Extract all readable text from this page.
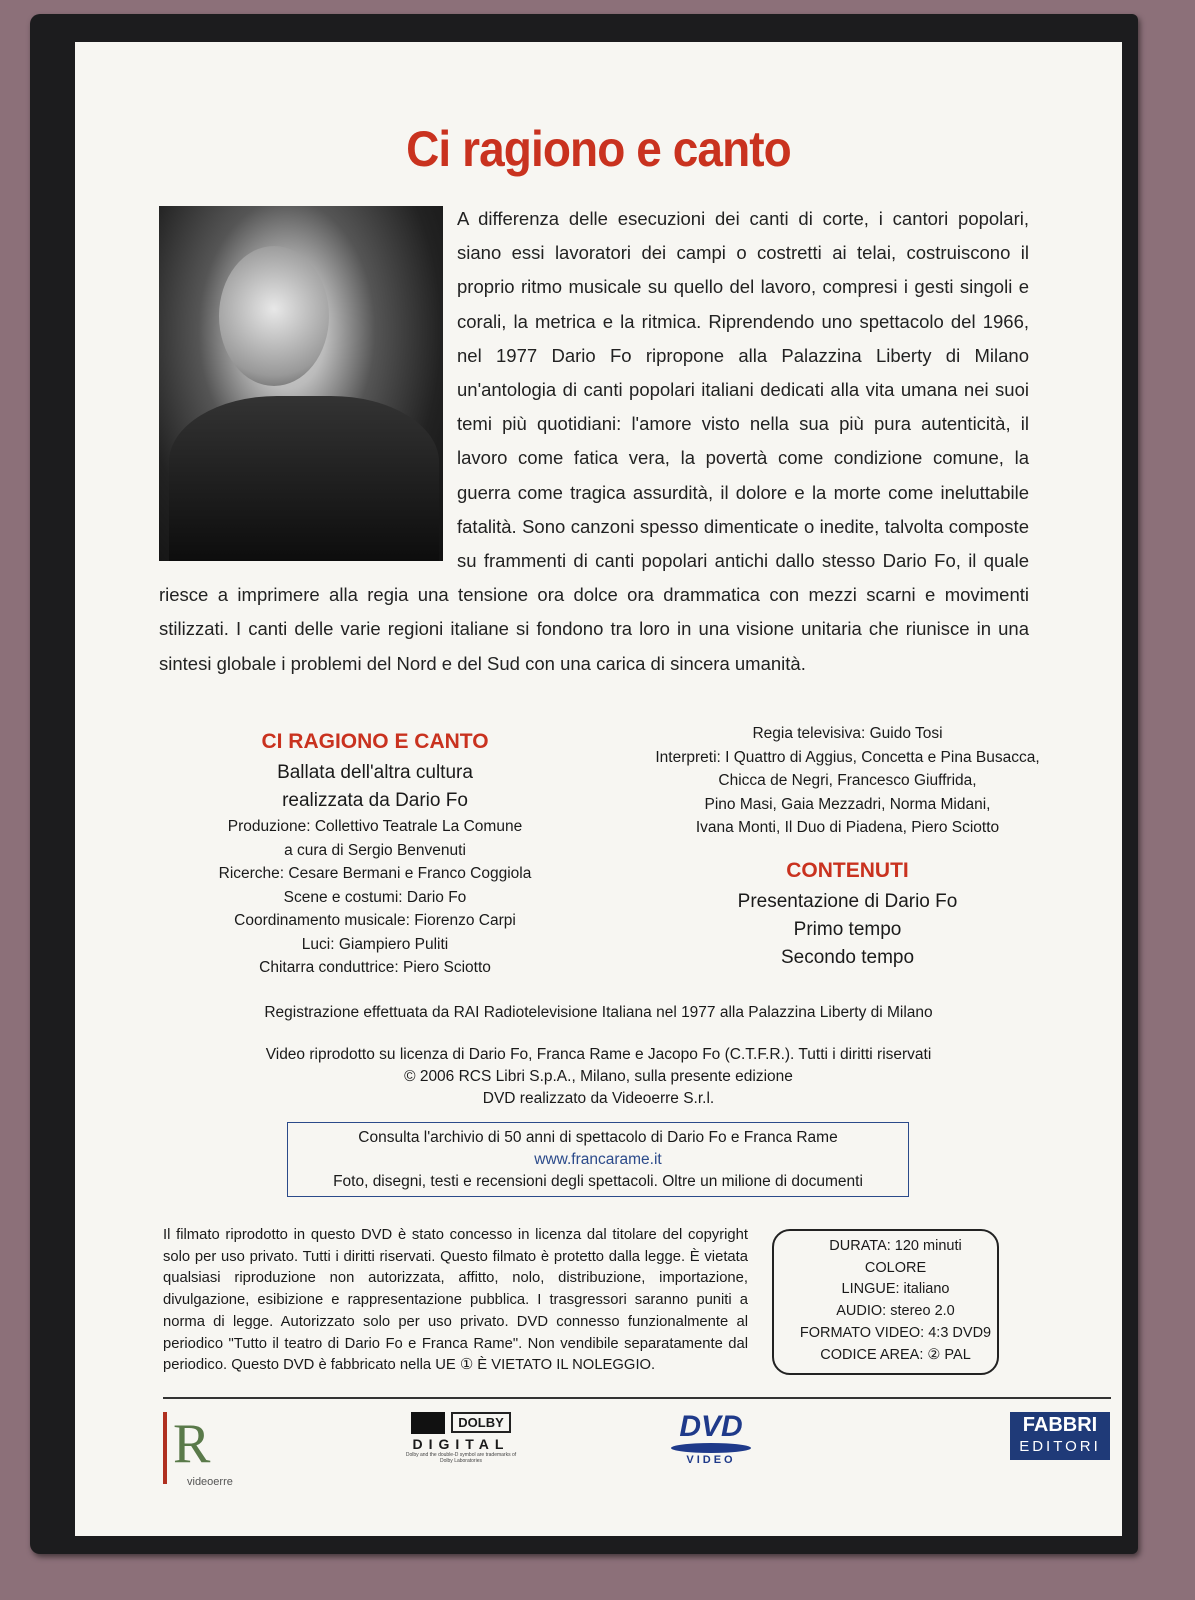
Ci ragiono e canto
A differenza delle esecuzioni dei canti di corte, i cantori popolari, siano essi lavoratori dei campi o costretti ai telai, costruiscono il proprio ritmo musicale su quello del lavoro, compresi i gesti singoli e corali, la metrica e la ritmica. Riprendendo uno spettacolo del 1966, nel 1977 Dario Fo ripropone alla Palazzina Liberty di Milano un'antologia di canti popolari italiani dedicati alla vita umana nei suoi temi più quotidiani: l'amore visto nella sua più pura autenticità, il lavoro come fatica vera, la povertà come condizione comune, la guerra come tragica assurdità, il dolore e la morte come ineluttabile fatalità. Sono canzoni spesso dimenticate o inedite, talvolta composte su frammenti di canti popolari antichi dallo stesso Dario Fo, il quale riesce a imprimere alla regia una tensione ora dolce ora drammatica con mezzi scarni e movimenti stilizzati. I canti delle varie regioni italiane si fondono tra loro in una visione unitaria che riunisce in una sintesi globale i problemi del Nord e del Sud con una carica di sincera umanità.
CI RAGIONO E CANTO
Ballata dell'altra cultura
realizzata da Dario Fo
Produzione: Collettivo Teatrale La Comune
a cura di Sergio Benvenuti
Ricerche: Cesare Bermani e Franco Coggiola
Scene e costumi: Dario Fo
Coordinamento musicale: Fiorenzo Carpi
Luci: Giampiero Puliti
Chitarra conduttrice: Piero Sciotto
Regia televisiva: Guido Tosi
Interpreti: I Quattro di Aggius, Concetta e Pina Busacca,
Chicca de Negri, Francesco Giuffrida,
Pino Masi, Gaia Mezzadri, Norma Midani,
Ivana Monti, Il Duo di Piadena, Piero Sciotto
CONTENUTI
Presentazione di Dario Fo
Primo tempo
Secondo tempo
Registrazione effettuata da RAI Radiotelevisione Italiana nel 1977 alla Palazzina Liberty di Milano
Video riprodotto su licenza di Dario Fo, Franca Rame e Jacopo Fo (C.T.F.R.). Tutti i diritti riservati
© 2006 RCS Libri S.p.A., Milano, sulla presente edizione
DVD realizzato da Videoerre S.r.l.
Consulta l'archivio di 50 anni di spettacolo di Dario Fo e Franca Rame
www.francarame.it
Foto, disegni, testi e recensioni degli spettacoli. Oltre un milione di documenti
Il filmato riprodotto in questo DVD è stato concesso in licenza dal titolare del copyright solo per uso privato. Tutti i diritti riservati. Questo filmato è protetto dalla legge. È vietata qualsiasi riproduzione non autorizzata, affitto, nolo, distribuzione, importazione, divulgazione, esibizione e rappresentazione pubblica. I trasgressori saranno puniti a norma di legge. Autorizzato solo per uso privato. DVD connesso funzionalmente al periodico "Tutto il teatro di Dario Fo e Franca Rame". Non vendibile separatamente dal periodico. Questo DVD è fabbricato nella UE ① È VIETATO IL NOLEGGIO.
DURATA: 120 minuti
COLORE
LINGUE: italiano
AUDIO: stereo 2.0
FORMATO VIDEO: 4:3 DVD9
CODICE AREA: ② PAL
R
videoerre
DOLBY
DIGITAL
Dolby and the double-D symbol are trademarks of Dolby Laboratories
DVD
VIDEO
FABBRI
EDITORI
